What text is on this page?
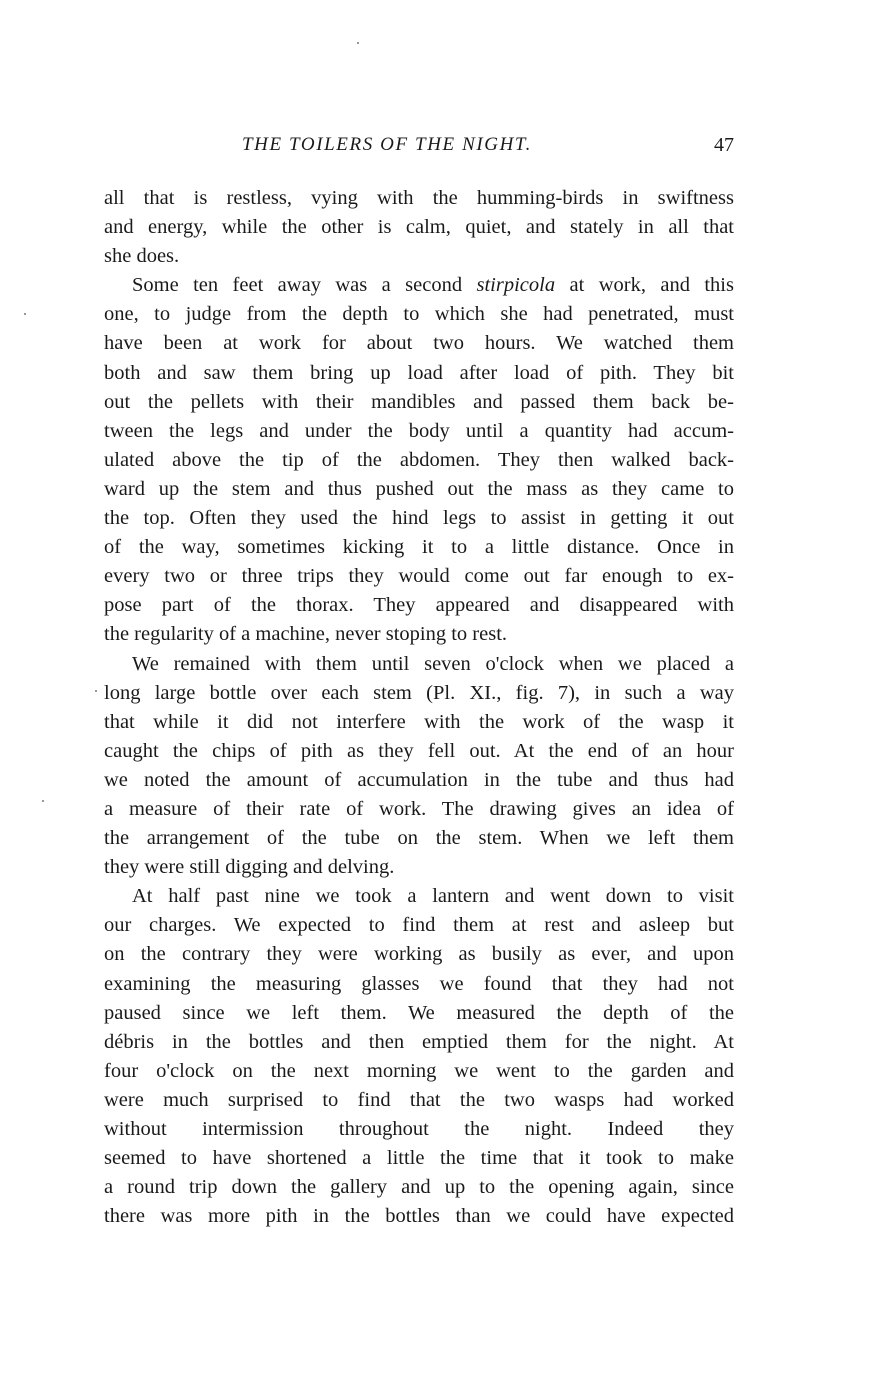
THE TOILERS OF THE NIGHT.	47
all that is restless, vying with the humming-birds in swiftness
and energy, while the other is calm, quiet, and stately in all that
she does.
Some ten feet away was a second stirpicola at work, and this
one, to judge from the depth to which she had penetrated, must
have been at work for about two hours. We watched them
both and saw them bring up load after load of pith. They bit
out the pellets with their mandibles and passed them back be-
tween the legs and under the body until a quantity had accum-
ulated above the tip of the abdomen. They then walked back-
ward up the stem and thus pushed out the mass as they came to
the top. Often they used the hind legs to assist in getting it out
of the way, sometimes kicking it to a little distance. Once in
every two or three trips they would come out far enough to ex-
pose part of the thorax. They appeared and disappeared with
the regularity of a machine, never stoping to rest.
We remained with them until seven o'clock when we placed a
long large bottle over each stem (Pl. XI., fig. 7), in such a way
that while it did not interfere with the work of the wasp it
caught the chips of pith as they fell out. At the end of an hour
we noted the amount of accumulation in the tube and thus had
a measure of their rate of work. The drawing gives an idea of
the arrangement of the tube on the stem. When we left them
they were still digging and delving.
At half past nine we took a lantern and went down to visit
our charges. We expected to find them at rest and asleep but
on the contrary they were working as busily as ever, and upon
examining the measuring glasses we found that they had not
paused since we left them. We measured the depth of the
débris in the bottles and then emptied them for the night. At
four o'clock on the next morning we went to the garden and
were much surprised to find that the two wasps had worked
without intermission throughout the night. Indeed they
seemed to have shortened a little the time that it took to make
a round trip down the gallery and up to the opening again, since
there was more pith in the bottles than we could have expected
